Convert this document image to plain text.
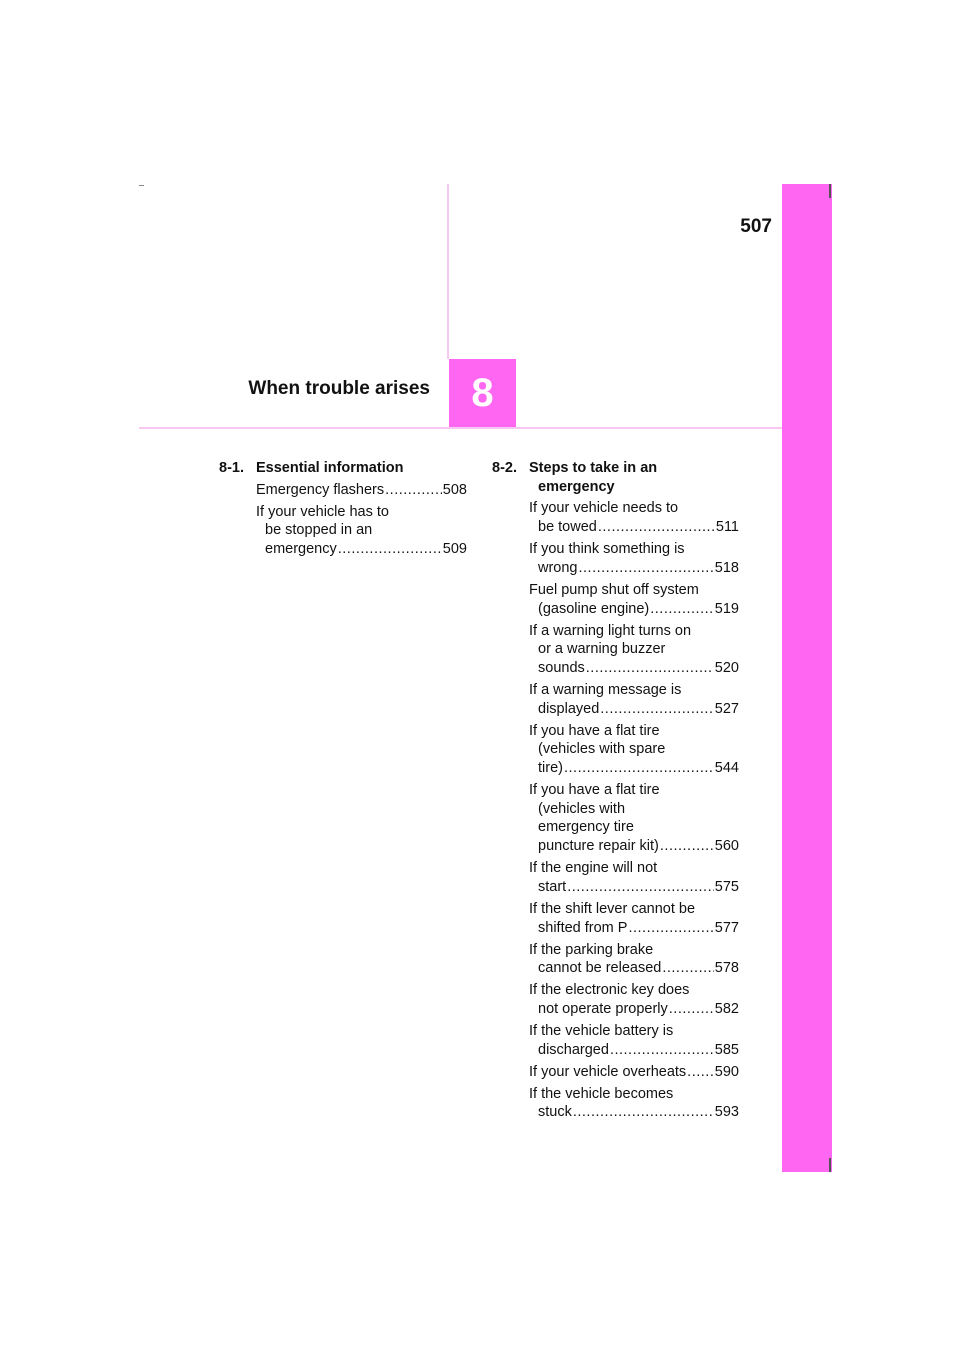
507
8
When trouble arises
8-1. Essential information
Emergency flashers .....	508
If your vehicle has to
be stopped in an
emergency .....	509
8-2. Steps to take in an
emergency
If your vehicle needs to
be towed .....	511
If you think something is
wrong .....	518
Fuel pump shut off system
(gasoline engine) .....	519
If a warning light turns on
or a warning buzzer
sounds .....	520
If a warning message is
displayed .....	527
If you have a flat tire
(vehicles with spare
tire) .....	544
If you have a flat tire
(vehicles with
emergency tire
puncture repair kit) .....	560
If the engine will not
start .....	575
If the shift lever cannot be
shifted from P .....	577
If the parking brake
cannot be released .....	578
If the electronic key does
not operate properly .....	582
If the vehicle battery is
discharged .....	585
If your vehicle overheats ..... 590
If the vehicle becomes
stuck .....	593
